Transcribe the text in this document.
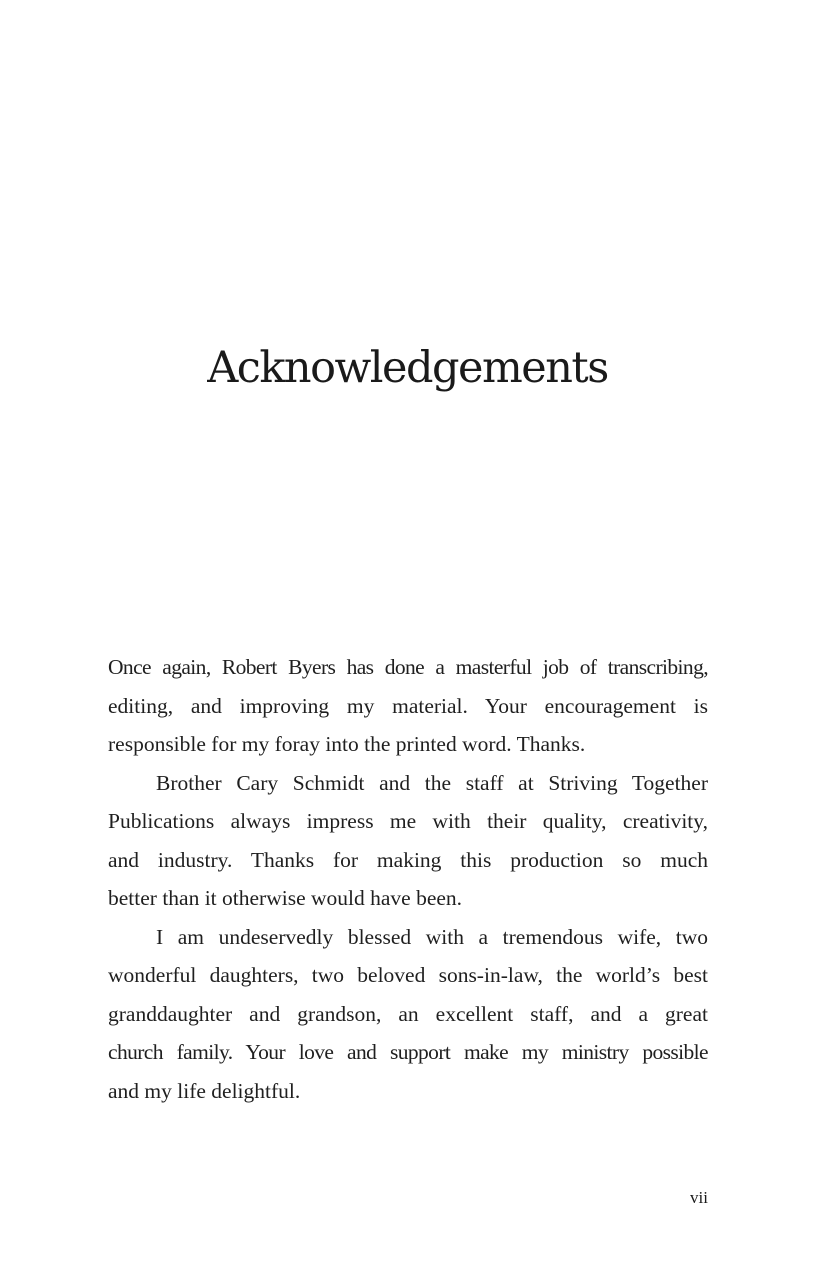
Acknowledgements
Once again, Robert Byers has done a masterful job of transcribing,
editing, and improving my material. Your encouragement is
responsible for my foray into the printed word. Thanks.
Brother Cary Schmidt and the staff at Striving Together
Publications always impress me with their quality, creativity,
and industry. Thanks for making this production so much
better than it otherwise would have been.
I am undeservedly blessed with a tremendous wife, two
wonderful daughters, two beloved sons-in-law, the world’s best
granddaughter and grandson, an excellent staff, and a great
church family. Your love and support make my ministry possible
and my life delightful.
vii
